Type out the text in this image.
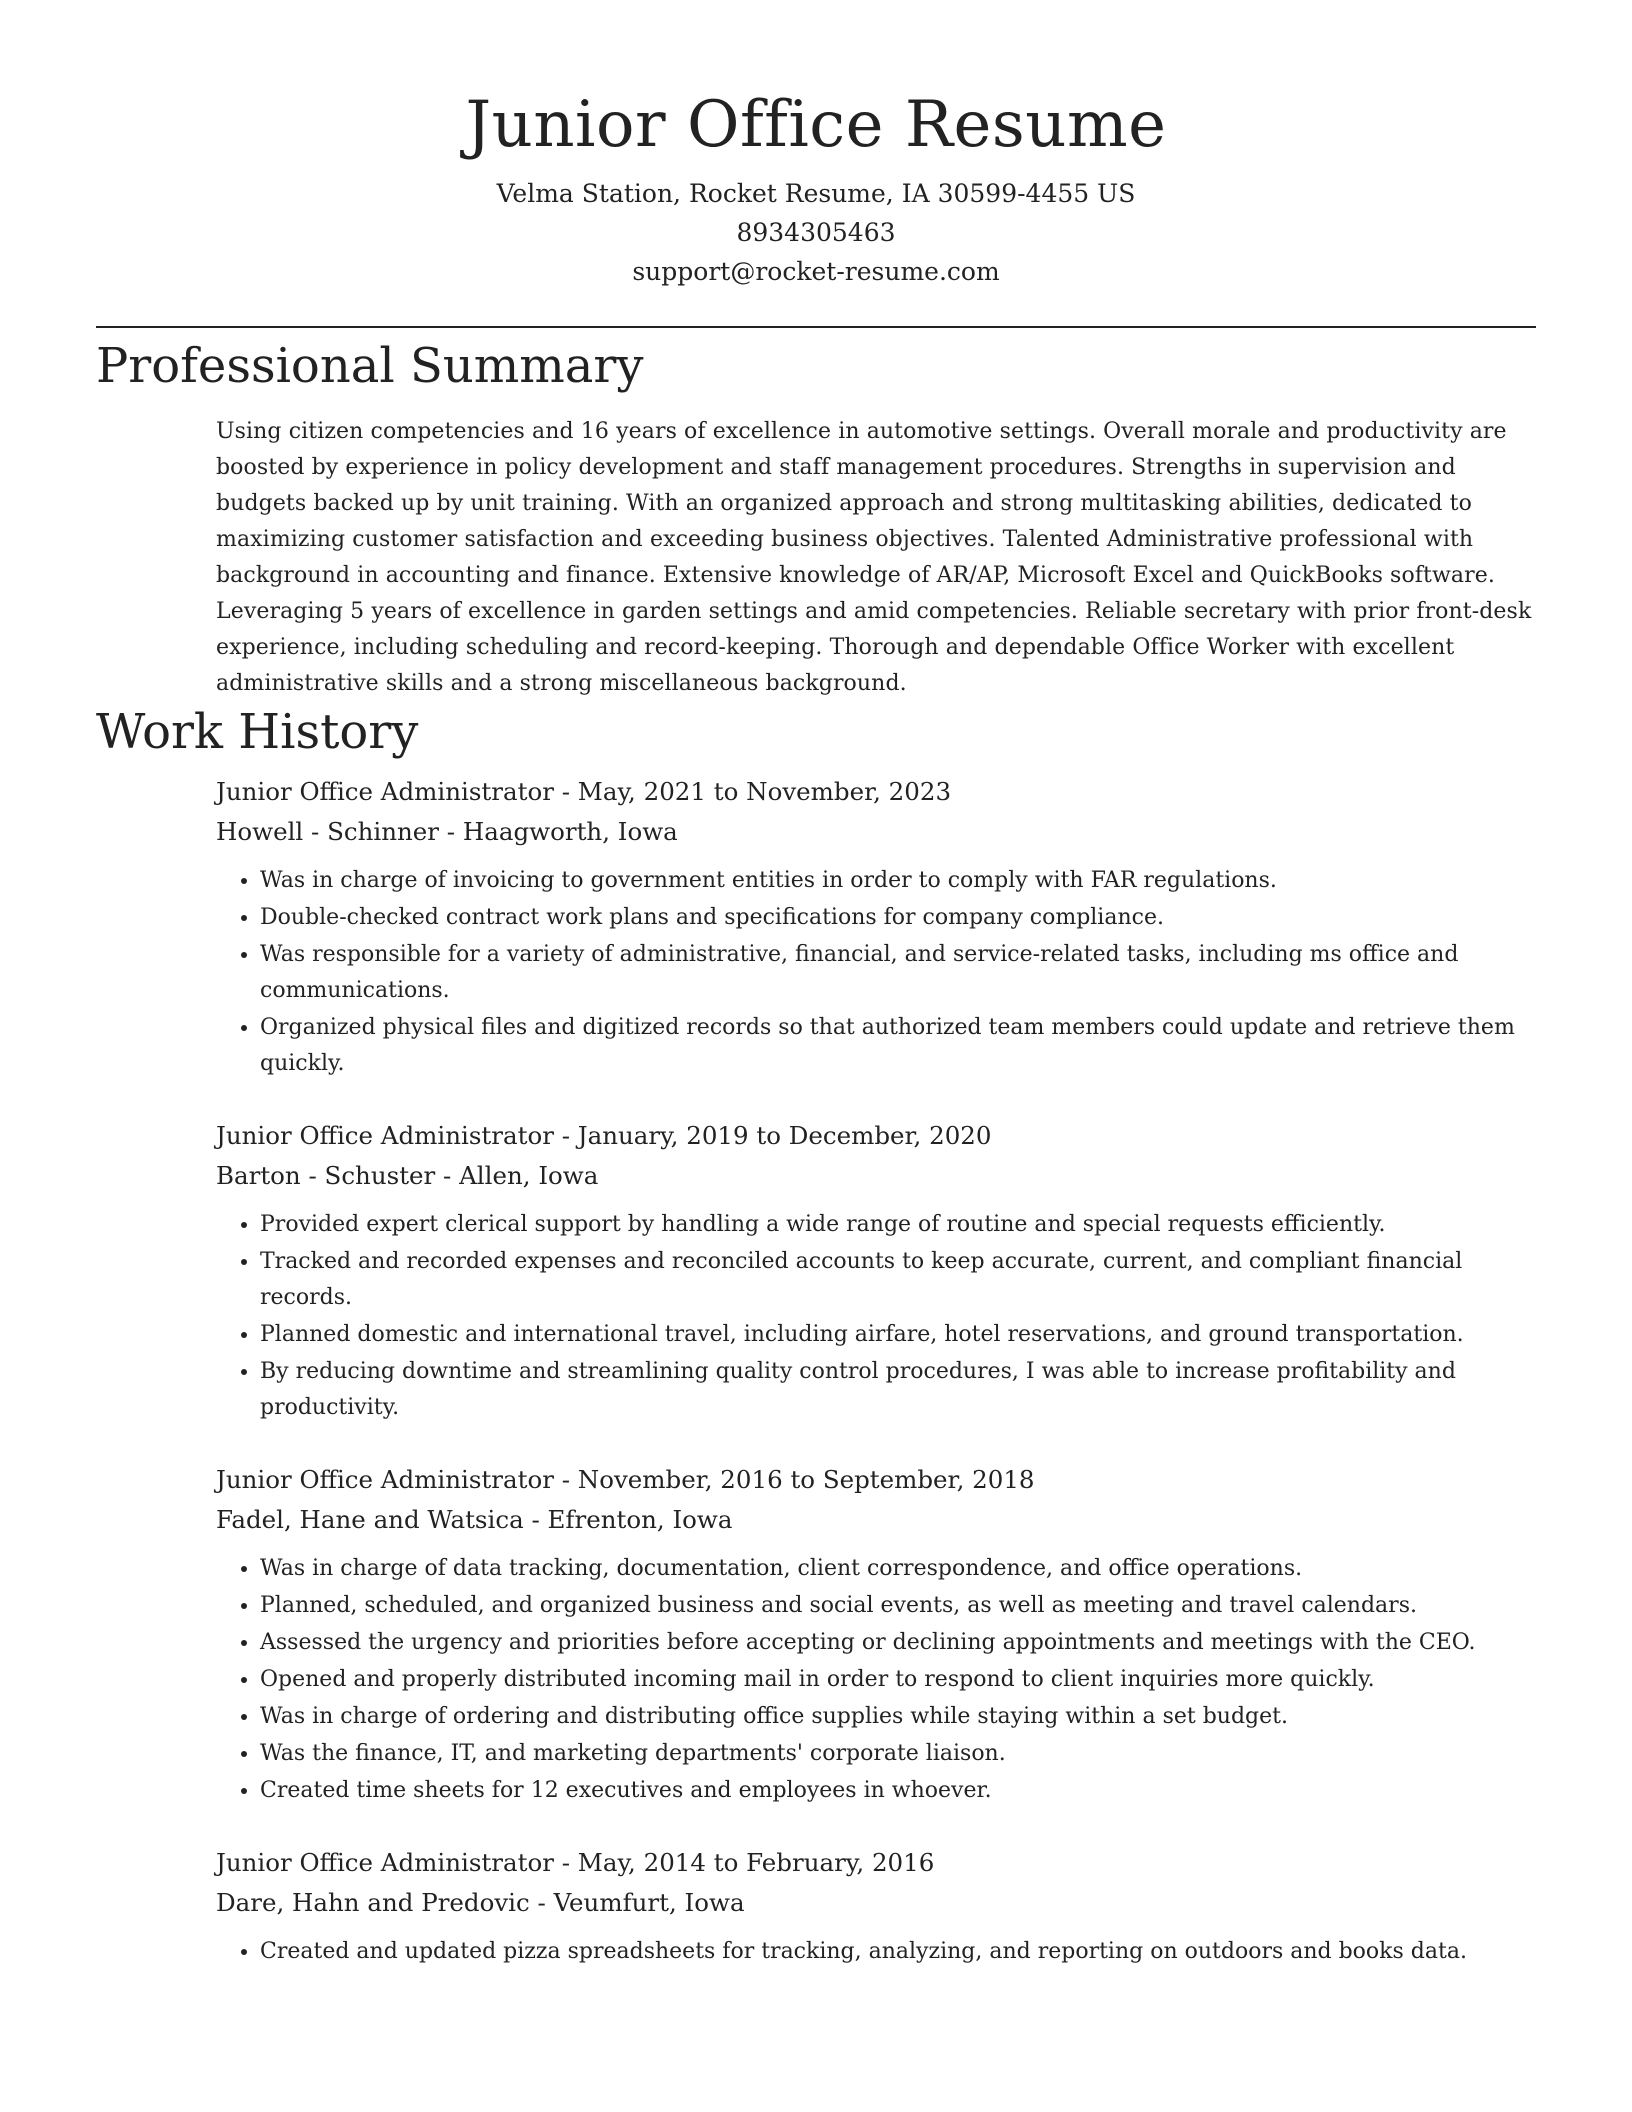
Junior Office Resume

Velma Station, Rocket Resume, IA 30599-4455 US

8934305463

support@rocket-resume.com

Professional Summary

Using citizen competencies and 16 years of excellence in automotive settings. Overall morale and productivity are boosted by experience in policy development and staff management procedures. Strengths in supervision and budgets backed up by unit training. With an organized approach and strong multitasking abilities, dedicated to maximizing customer satisfaction and exceeding business objectives. Talented Administrative professional with background in accounting and finance. Extensive knowledge of AR/AP, Microsoft Excel and QuickBooks software. Leveraging 5 years of excellence in garden settings and amid competencies. Reliable secretary with prior front-desk experience, including scheduling and record-keeping. Thorough and dependable Office Worker with excellent administrative skills and a strong miscellaneous background.

Work History

Junior Office Administrator - May, 2021 to November, 2023

Howell - Schinner - Haagworth, Iowa

• Was in charge of invoicing to government entities in order to comply with FAR regulations.
• Double-checked contract work plans and specifications for company compliance.
• Was responsible for a variety of administrative, financial, and service-related tasks, including ms office and communications.
• Organized physical files and digitized records so that authorized team members could update and retrieve them quickly.

Junior Office Administrator - January, 2019 to December, 2020

Barton - Schuster - Allen, Iowa

• Provided expert clerical support by handling a wide range of routine and special requests efficiently.
• Tracked and recorded expenses and reconciled accounts to keep accurate, current, and compliant financial records.
• Planned domestic and international travel, including airfare, hotel reservations, and ground transportation.
• By reducing downtime and streamlining quality control procedures, I was able to increase profitability and productivity.

Junior Office Administrator - November, 2016 to September, 2018

Fadel, Hane and Watsica - Efrenton, Iowa

• Was in charge of data tracking, documentation, client correspondence, and office operations.
• Planned, scheduled, and organized business and social events, as well as meeting and travel calendars.
• Assessed the urgency and priorities before accepting or declining appointments and meetings with the CEO.
• Opened and properly distributed incoming mail in order to respond to client inquiries more quickly.
• Was in charge of ordering and distributing office supplies while staying within a set budget.
• Was the finance, IT, and marketing departments' corporate liaison.
• Created time sheets for 12 executives and employees in whoever.

Junior Office Administrator - May, 2014 to February, 2016

Dare, Hahn and Predovic - Veumfurt, Iowa

• Created and updated pizza spreadsheets for tracking, analyzing, and reporting on outdoors and books data.
